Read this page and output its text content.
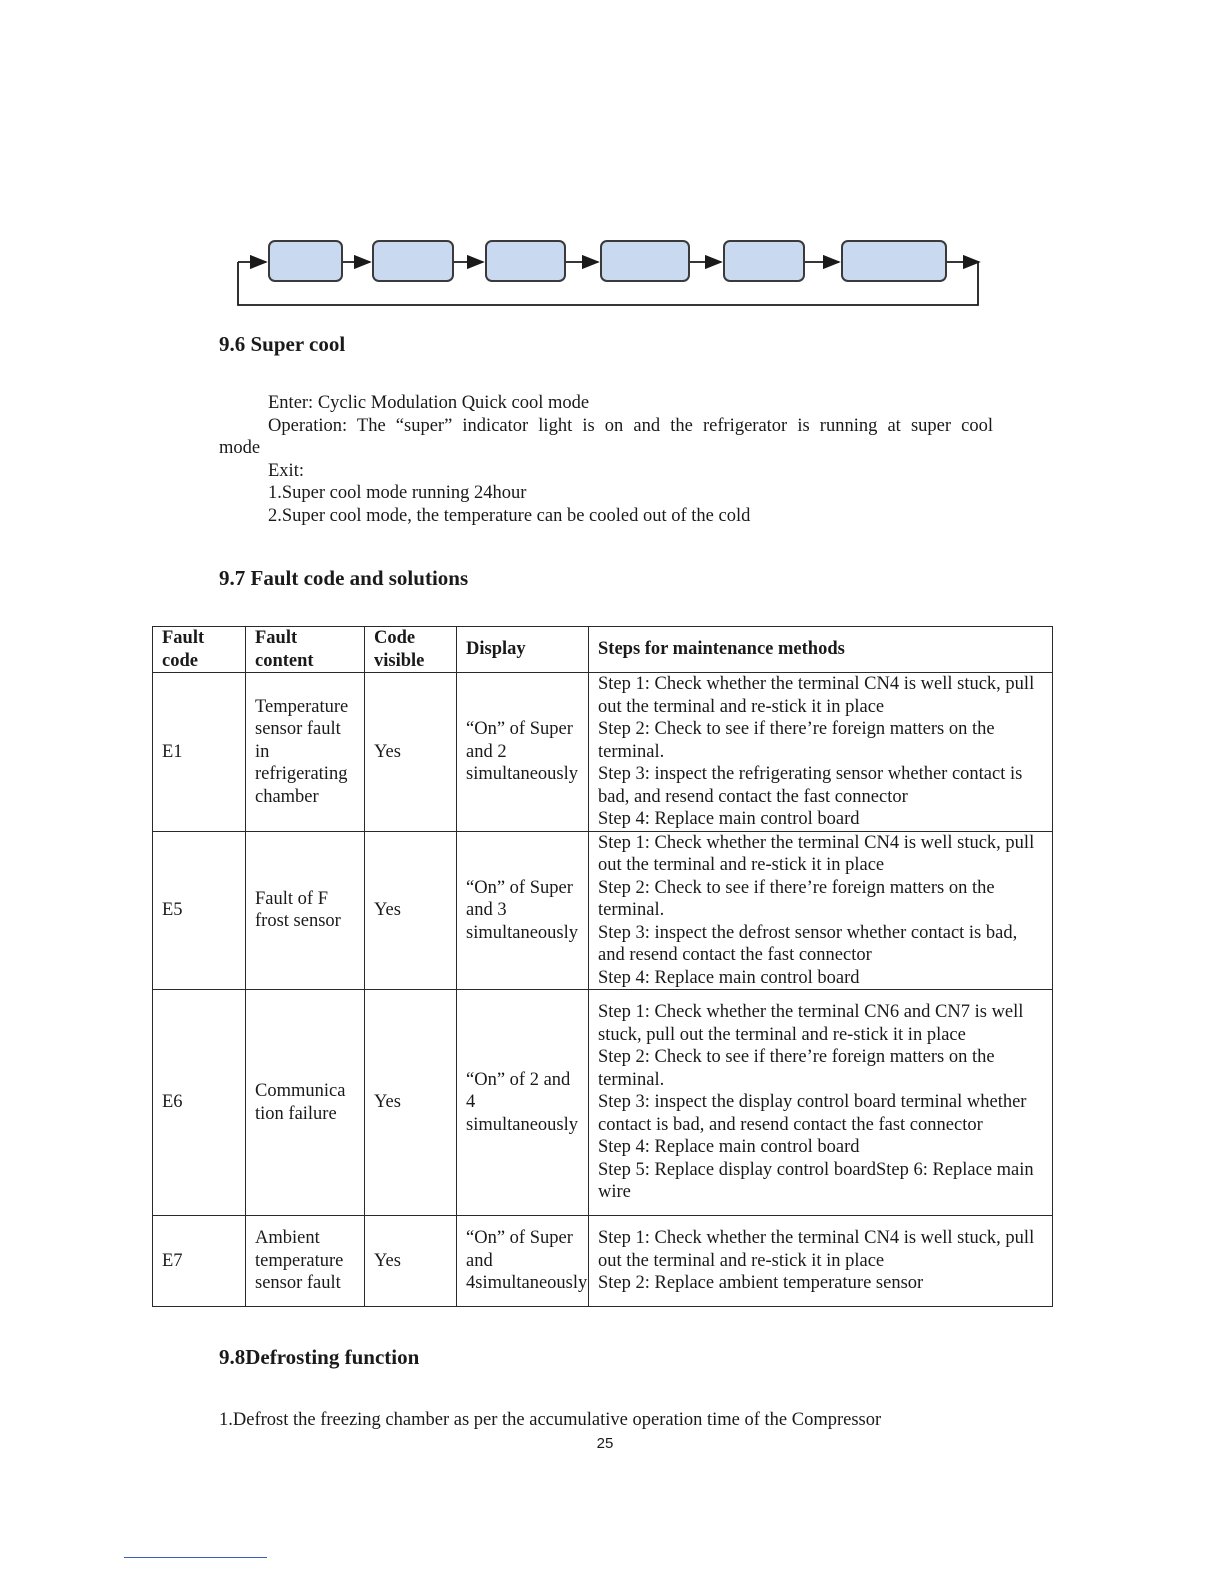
9.6 Super cool
Enter: Cyclic Modulation Quick cool mode
Operation: The “super” indicator light is on and the refrigerator is running at super cool
mode
Exit:
1.Super cool mode running 24hour
2.Super cool mode, the temperature can be cooled out of the cold
9.7 Fault code and solutions
Fault code	Fault content	Code visible	Display	Steps for maintenance methods
E1	Temperature sensor fault in refrigerating chamber	Yes	“On” of Super and 2 simultaneously	Step 1: Check whether the terminal CN4 is well stuck, pull out the terminal and re-stick it in place
Step 2: Check to see if there’re foreign matters on the terminal.
Step 3: inspect the refrigerating sensor whether contact is bad, and resend contact the fast connector
Step 4: Replace main control board

E5	Fault of F frost sensor	Yes	“On” of Super and 3 simultaneously	Step 1: Check whether the terminal CN4 is well stuck, pull out the terminal and re-stick it in place
Step 2: Check to see if there’re foreign matters on the terminal.
Step 3: inspect the defrost sensor whether contact is bad, and resend contact the fast connector
Step 4: Replace main control board

E6	Communica tion failure	Yes	“On” of 2 and 4 simultaneously	Step 1: Check whether the terminal CN6 and CN7 is well stuck, pull out the terminal and re-stick it in place
Step 2: Check to see if there’re foreign matters on the terminal.
Step 3: inspect the display control board terminal whether contact is bad, and resend contact the fast connector
Step 4: Replace main control board
Step 5: Replace display control boardStep 6: Replace main wire

E7	Ambient temperature sensor fault	Yes	“On” of Super and 4simultaneously	Step 1: Check whether the terminal CN4 is well stuck, pull out the terminal and re-stick it in place
Step 2: Replace ambient temperature sensor
9.8Defrosting function
1.Defrost the freezing chamber as per the accumulative operation time of the Compressor
25
